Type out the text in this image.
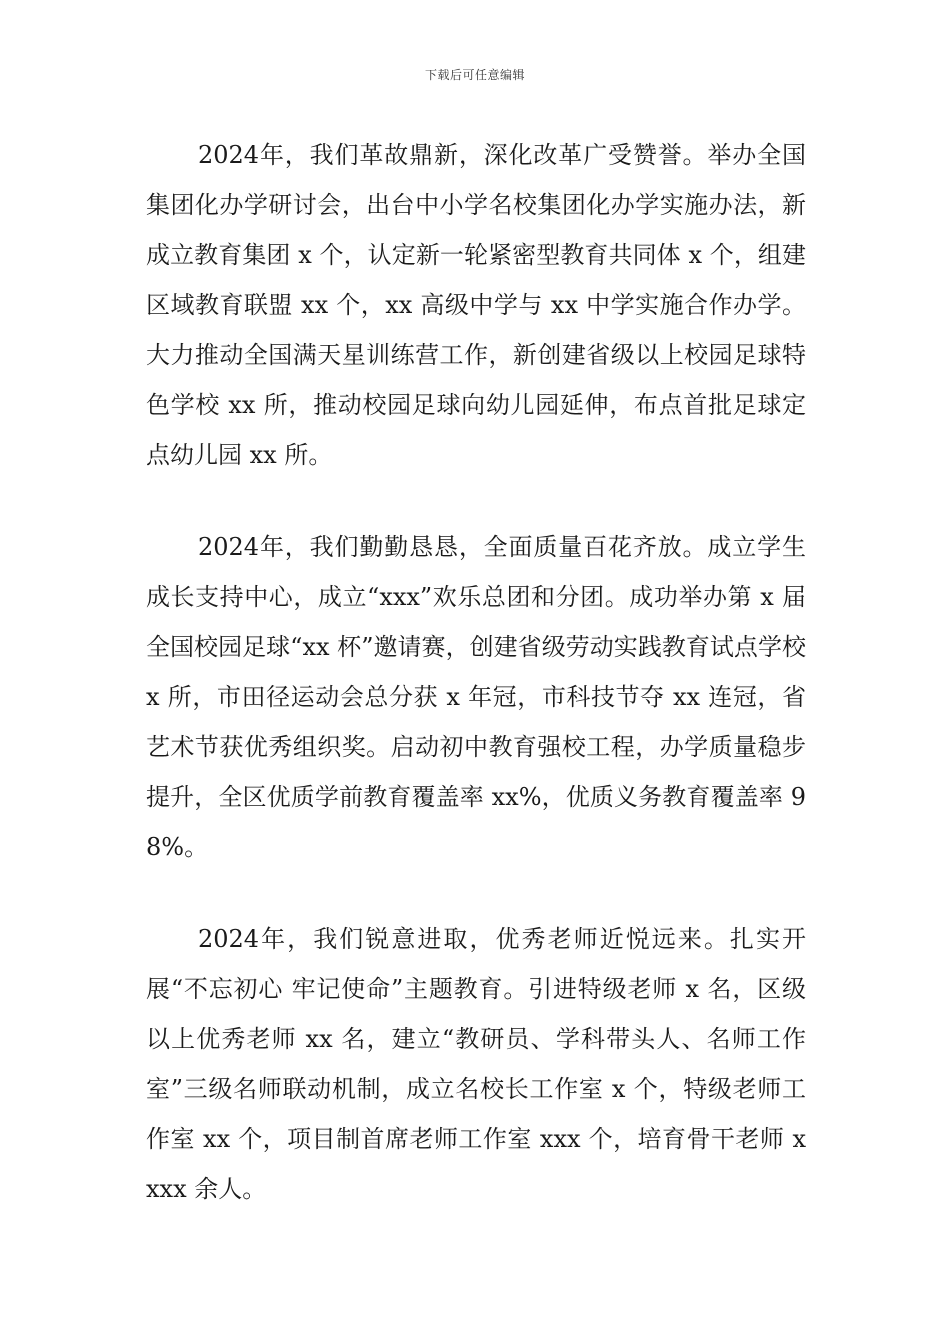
下载后可任意编辑

2024年，我们革故鼎新，深化改革广受赞誉。举办全国集团化办学研讨会，出台中小学名校集团化办学实施办法，新成立教育集团 x 个，认定新一轮紧密型教育共同体 x 个，组建区域教育联盟 xx 个，xx 高级中学与 xx 中学实施合作办学。大力推动全国满天星训练营工作，新创建省级以上校园足球特色学校 xx 所，推动校园足球向幼儿园延伸，布点首批足球定点幼儿园 xx 所。

2024年，我们勤勤恳恳，全面质量百花齐放。成立学生成长支持中心，成立“xxx”欢乐总团和分团。成功举办第 x 届全国校园足球“xx 杯”邀请赛，创建省级劳动实践教育试点学校 x 所，市田径运动会总分获 x 年冠，市科技节夺 xx 连冠，省艺术节获优秀组织奖。启动初中教育强校工程，办学质量稳步提升，全区优质学前教育覆盖率 xx%，优质义务教育覆盖率 98%。

2024年，我们锐意进取，优秀老师近悦远来。扎实开展“不忘初心 牢记使命”主题教育。引进特级老师 x 名，区级以上优秀老师 xx 名，建立“教研员、学科带头人、名师工作室”三级名师联动机制，成立名校长工作室 x 个，特级老师工作室 xx 个，项目制首席老师工作室 xxx 个，培育骨干老师 xxxx 余人。
